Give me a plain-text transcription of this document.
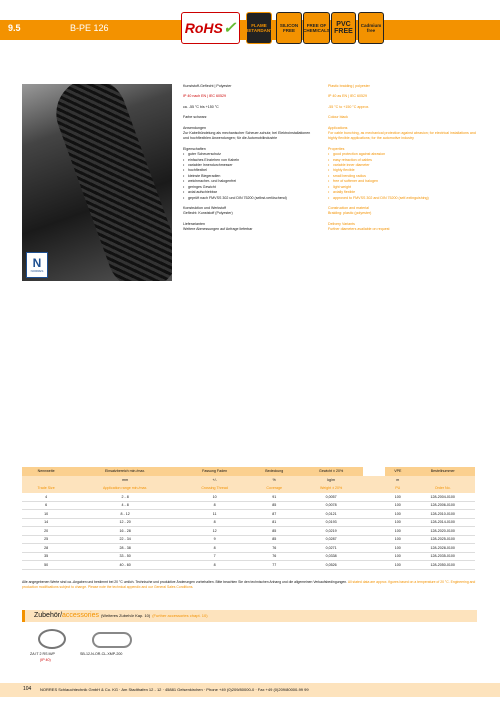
9.5	B-PE 126	RoHS ✓	FLAME RETARDANT
SILICON FREE
FREE OF CHEMICALS
PVC FREE
Cadmium free
N
NORRES

Kunststoff-Geflecht | Polyester

IP 40 nach EN | IEC 60529

ca. -55 °C bis +150 °C

Farbe schwarz

Anwendungen

Zur Kabelbündelung als mechanischer Scheuer-schutz; bei Elektroinstallationen und hochflexiblen Anwendungen; für die Automobilindustrie

Eigenschaften

• guter Scheuerschutz
• einfaches Einziehen von Kabeln
• variabler Innendurchmesser
• hochflexibel
• kleinste Biegeradien
• weichmacher- und halogenfrei
• geringes Gewicht
• axial aufschiebbar
• geprüft nach FMVSS 302 und DIN 75200 (selbst-verlöschend)

Konstruktion und Werkstoff

Geflecht: Kunststoff (Polyester)

Lieferarianten

Weitere Abmessungen auf Anfrage lieferbar

Plastic braiding | polyester

IP 40 as EN | IEC 60529

-55 °C to +150 °C approx.

Colour black

Applications

For cable bunching, as mechanical protection against abrasion; for electrical installations and highly flexible applications; for the automotive industry

Properties

• good protection against abrasion
• easy retraction of cables
• variable inner diameter
• highly flexible
• small bending radius
• free of softener and halogen
• light weight
• axially flexible
• approved to FMVSS 302 and DIN 75200 (self-extinguishing)

Construction and material

Braiding: plastic (polyester)

Delivery Variants

Further diameters available on request

Nennweite	Einsatzbereich min./max.	Fassung Faden	Bedeckung	Gewicht ± 20%		VPE	Bestellnummer
	mm	+/-	%	kg/m		m	
Trade Size	Application range min./max.	Crossing Thread	Coverage	Weight ± 20%		PU	Order No.
4	2 - 8	10	91	0,0057		100	128-2004-0100
6	4 - 8	8	85	0,0078		100	128-2006-0100
10	8 - 12	11	87	0,0121		100	128-2010-0100
14	12 - 20	8	81	0,0193		100	128-2014-0100
20	16 - 28	12	85	0,0219		100	128-2020-0100
25	22 - 34	9	85	0,0287		100	128-2025-0100
28	28 - 38	8	76	0,0271		100	128-2028-0100
35	33 - 50	7	76	0,0338		100	128-2035-0100
50	40 - 60	8	77	0,0526		100	128-2050-0100
Alle angegebenen Werte sind ca.-Angaben und bestimmt bei 20 °C umlich. Technische und produktive Änderungen vorbehalten. Bitte beachten Sie den technischen Anhang und die allgemeinen Verkaufsbedingungen. All stated data are approx. figures based on a temperature of 20 °C. Engineering and production modifications subject to change. Please note the technical appendix and our General Sales Conditions.
Zubehör/accessories (Weiteres Zubehör Kap. 10) (Further accessories chapt. 10)
ZA IT 2 RS M/P
(IP 40)
SB-12-N-OR-CL-XMP-200
104 NORRES Schlauchtechnik GmbH & Co. KG · Am Stadthafen 12 - 12 · 45881 Gelsenkirchen · Phone +49 (0)209/80000-0 · Fax +49 (0)209/80000-99 99
